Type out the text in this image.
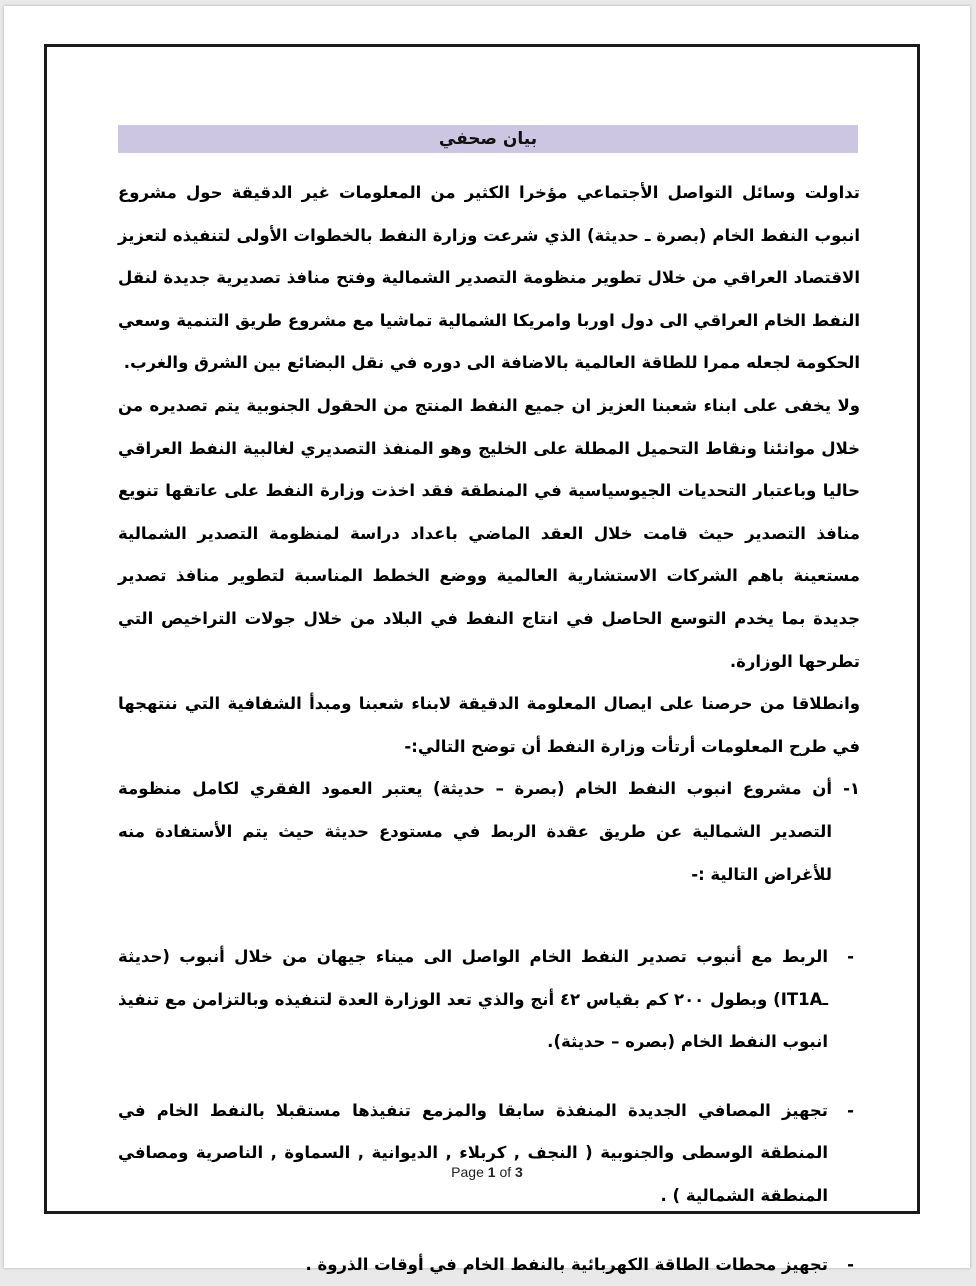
بيان صحفي

تداولت وسائل التواصل الأجتماعي مؤخرا الكثير من المعلومات غير الدقيقة حول مشروع انبوب النفط الخام (بصرة ـ حديثة) الذي شرعت وزارة النفط بالخطوات الأولى لتنفيذه لتعزيز الاقتصاد العراقي من خلال تطوير منظومة التصدير الشمالية وفتح منافذ تصديرية جديدة لنقل النفط الخام العراقي الى دول اوربا وامريكا الشمالية تماشيا مع مشروع طريق التنمية وسعي الحكومة لجعله ممرا للطاقة العالمية بالاضافة الى دوره في نقل البضائع بين الشرق والغرب.

ولا يخفى على ابناء شعبنا العزيز ان جميع النفط المنتج من الحقول الجنوبية يتم تصديره من خلال موانئنا ونقاط التحميل المطلة على الخليج وهو المنفذ التصديري لغالبية النفط العراقي حاليا وباعتبار التحديات الجيوسياسية في المنطقة فقد اخذت وزارة النفط على عاتقها تنويع منافذ التصدير حيث قامت خلال العقد الماضي باعداد دراسة لمنظومة التصدير الشمالية مستعينة باهم الشركات الاستشارية العالمية ووضع الخطط المناسبة لتطوير منافذ تصدير جديدة بما يخدم التوسع الحاصل في انتاج النفط في البلاد من خلال جولات التراخيص التي تطرحها الوزارة.

وانطلاقا من حرصنا على ايصال المعلومة الدقيقة لابناء شعبنا ومبدأ الشفافية التي ننتهجها في طرح المعلومات أرتأت وزارة النفط أن توضح التالي:-

١-
أن مشروع انبوب النفط الخام (بصرة – حديثة) يعتبر العمود الفقري لكامل منظومة التصدير الشمالية عن طريق عقدة الربط في مستودع حديثة حيث يتم الأستفادة منه للأغراض التالية :-
-
الربط مع أنبوب تصدير النفط الخام الواصل الى ميناء جيهان من خلال أنبوب (حديثة ـIT1A) وبطول ٢٠٠ كم بقياس ٤٢ أنج والذي تعد الوزارة العدة لتنفيذه وبالتزامن مع تنفيذ انبوب النفط الخام (بصره – حديثة).
-
تجهيز المصافي الجديدة المنفذة سابقا والمزمع تنفيذها مستقبلا بالنفط الخام في المنطقة الوسطى والجنوبية ( النجف , كربلاء , الديوانية , السماوة , الناصرية ومصافي المنطقة الشمالية ) .
-
تجهيز محطات الطاقة الكهربائية بالنفط الخام في أوقات الذروة .
Page 1 of 3
